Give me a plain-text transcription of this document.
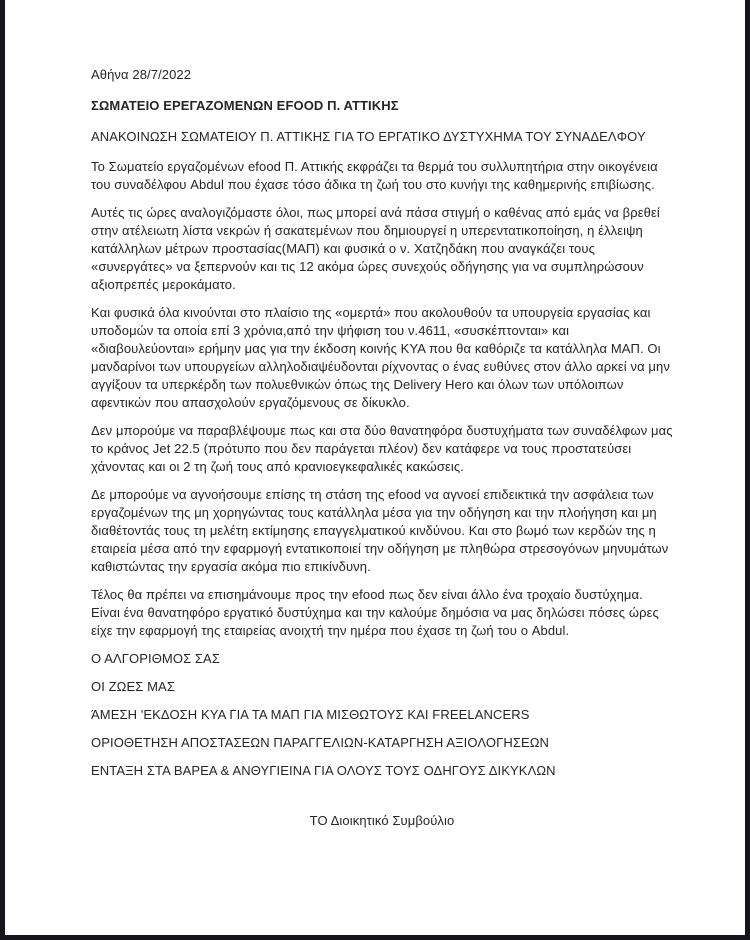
Αθήνα 28/7/2022

ΣΩΜΑΤΕΙΟ ΕΡΕΓΑΖΟΜΕΝΩΝ EFOOD Π. ΑΤΤΙΚΗΣ

ΑΝΑΚΟΙΝΩΣΗ ΣΩΜΑΤΕΙΟΥ Π. ΑΤΤΙΚΗΣ ΓΙΑ ΤΟ ΕΡΓΑΤΙΚΟ ΔΥΣΤΥΧΗΜΑ ΤΟΥ ΣΥΝΑΔΕΛΦΟΥ

Το Σωματείο εργαζομένων efood Π. Αττικής εκφράζει τα θερμά του συλλυπητήρια στην οικογένεια του συναδέλφου Abdul που έχασε τόσο άδικα τη ζωή του στο κυνήγι της καθημερινής επιβίωσης.

Αυτές τις ώρες αναλογιζόμαστε όλοι, πως μπορεί ανά πάσα στιγμή ο καθένας από εμάς να βρεθεί στην ατέλειωτη λίστα νεκρών ή σακατεμένων που δημιουργεί η υπερεντατικοποίηση, η έλλειψη κατάλληλων μέτρων προστασίας(ΜΑΠ) και φυσικά ο ν. Χατζηδάκη που αναγκάζει τους «συνεργάτες» να ξεπερνούν και τις 12 ακόμα ώρες συνεχούς οδήγησης για να συμπληρώσουν αξιοπρεπές μεροκάματο.

Και φυσικά όλα κινούνται στο πλαίσιο της «ομερτά» που ακολουθούν τα υπουργεία εργασίας και υποδομών τα οποία επί 3 χρόνια,από την ψήφιση του ν.4611, «συσκέπτονται» και «διαβουλεύονται» ερήμην μας για την έκδοση κοινής ΚΥΑ που θα καθόριζε τα κατάλληλα ΜΑΠ. Οι μανδαρίνοι των υπουργείων αλληλοδιαψέυδονται ρίχνοντας ο ένας ευθύνες στον άλλο αρκεί να μην αγγίξουν τα υπερκέρδη των πολυεθνικών όπως της Delivery Hero και όλων των υπόλοιπων αφεντικών που απασχολούν εργαζόμενους σε δίκυκλο.

Δεν μπορούμε να παραβλέψουμε πως και στα δύο θανατηφόρα δυστυχήματα των συναδέλφων μας το κράνος Jet 22.5 (πρότυπο που δεν παράγεται πλέον) δεν κατάφερε να τους προστατεύσει χάνοντας και οι 2 τη ζωή τους από κρανιοεγκεφαλικές κακώσεις.

Δε μπορούμε να αγνοήσουμε επίσης τη στάση της efood να αγνοεί επιδεικτικά την ασφάλεια των εργαζομένων της μη χορηγώντας τους κατάλληλα μέσα για την οδήγηση και την πλοήγηση και μη διαθέτοντάς τους τη μελέτη εκτίμησης επαγγελματικού κινδύνου. Και στο βωμό των κερδών της η εταιρεία μέσα από την εφαρμογή εντατικοποιεί την οδήγηση με πληθώρα στρεσογόνων μηνυμάτων καθιστώντας την εργασία ακόμα πιο επικίνδυνη.

Τέλος θα πρέπει να επισημάνουμε προς την efood πως δεν είναι άλλο ένα τροχαίο δυστύχημα. Είναι ένα θανατηφόρο εργατικό δυστύχημα και την καλούμε δημόσια να μας δηλώσει πόσες ώρες είχε την εφαρμογή της εταιρείας ανοιχτή την ημέρα που έχασε τη ζωή του ο Abdul.

Ο ΑΛΓΟΡΙΘΜΟΣ ΣΑΣ

ΟΙ ΖΩΕΣ ΜΑΣ

ΆΜΕΣΗ 'ΕΚΔΟΣΗ ΚΥΑ ΓΙΑ ΤΑ ΜΑΠ ΓΙΑ ΜΙΣΘΩΤΟΥΣ ΚΑΙ FREELANCERS

ΟΡΙΟΘΕΤΗΣΗ ΑΠΟΣΤΑΣΕΩΝ ΠΑΡΑΓΓΕΛΙΩΝ-ΚΑΤΑΡΓΗΣΗ ΑΞΙΟΛΟΓΗΣΕΩΝ

ΕΝΤΑΞΗ ΣΤΑ ΒΑΡΕΑ & ΑΝΘΥΓΙΕΙΝΑ ΓΙΑ ΟΛΟΥΣ ΤΟΥΣ ΟΔΗΓΟΥΣ ΔΙΚΥΚΛΩΝ

ΤΟ Διοικητικό Συμβούλιο
